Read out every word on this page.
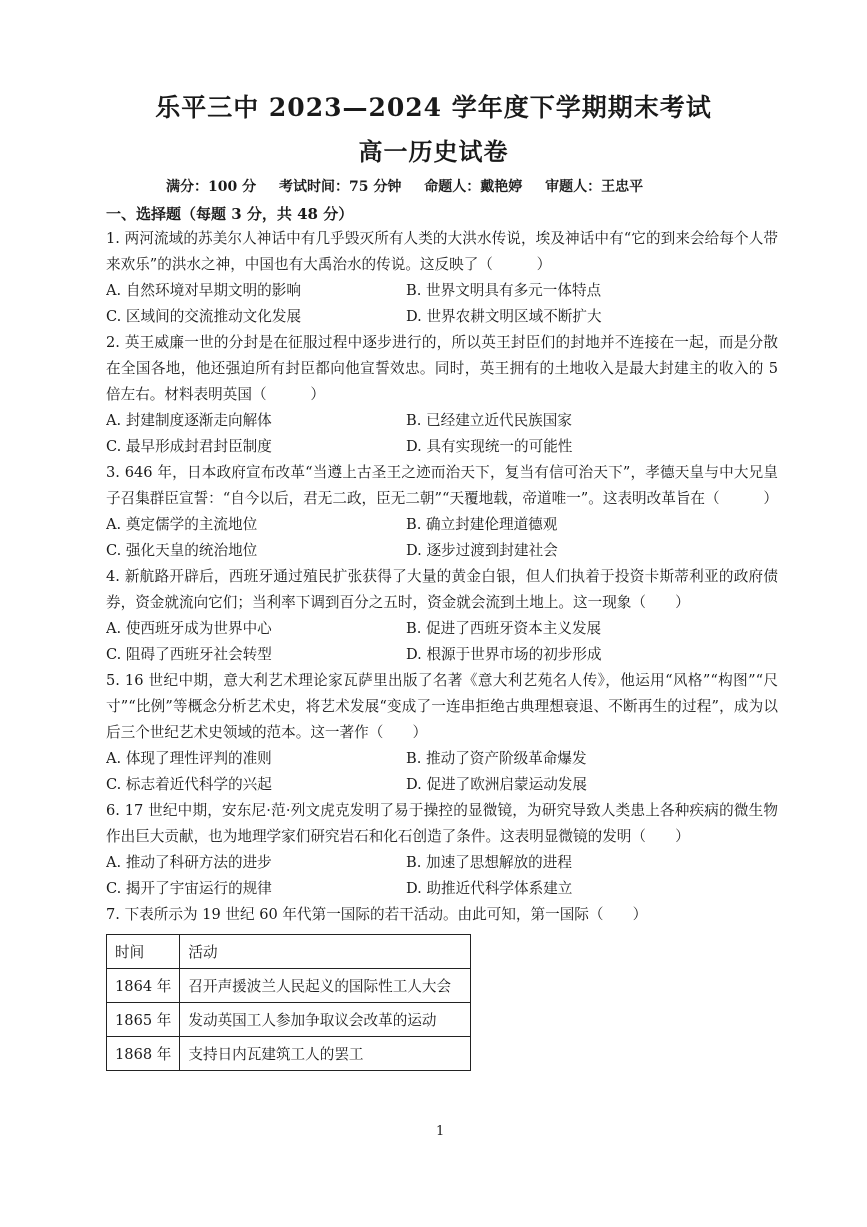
乐平三中 2023—2024 学年度下学期期末考试
高一历史试卷
满分：100 分 考试时间：75 分钟 命题人：戴艳婷 审题人：王忠平
一、选择题（每题 3 分，共 48 分）

1. 两河流域的苏美尔人神话中有几乎毁灭所有人类的大洪水传说，埃及神话中有“它的到来会给每个人带来欢乐”的洪水之神，中国也有大禹治水的传说。这反映了（　　　）

A. 自然环境对早期文明的影响	B. 世界文明具有多元一体特点
C. 区域间的交流推动文化发展	D. 世界农耕文明区域不断扩大

2. 英王威廉一世的分封是在征服过程中逐步进行的，所以英王封臣们的封地并不连接在一起，而是分散在全国各地，他还强迫所有封臣都向他宣誓效忠。同时，英王拥有的土地收入是最大封建主的收入的 5 倍左右。材料表明英国（　　　）

A. 封建制度逐渐走向解体	B. 已经建立近代民族国家
C. 最早形成封君封臣制度	D. 具有实现统一的可能性

3. 646 年，日本政府宣布改革“当遵上古圣王之迹而治天下，复当有信可治天下”，孝德天皇与中大兄皇子召集群臣宣誓：“自今以后，君无二政，臣无二朝”“天覆地载，帝道唯一”。这表明改革旨在（　　　）

A. 奠定儒学的主流地位	B. 确立封建伦理道德观
C. 强化天皇的统治地位	D. 逐步过渡到封建社会

4. 新航路开辟后，西班牙通过殖民扩张获得了大量的黄金白银，但人们执着于投资卡斯蒂利亚的政府债券，资金就流向它们；当利率下调到百分之五时，资金就会流到土地上。这一现象（　　）

A. 使西班牙成为世界中心	B. 促进了西班牙资本主义发展
C. 阻碍了西班牙社会转型	D. 根源于世界市场的初步形成

5. 16 世纪中期，意大利艺术理论家瓦萨里出版了名著《意大利艺苑名人传》，他运用“风格”“构图”“尺寸”“比例”等概念分析艺术史，将艺术发展“变成了一连串拒绝古典理想衰退、不断再生的过程”，成为以后三个世纪艺术史领域的范本。这一著作（　　）

A. 体现了理性评判的准则	B. 推动了资产阶级革命爆发
C. 标志着近代科学的兴起	D. 促进了欧洲启蒙运动发展

6. 17 世纪中期，安东尼·范·列文虎克发明了易于操控的显微镜，为研究导致人类患上各种疾病的微生物作出巨大贡献，也为地理学家们研究岩石和化石创造了条件。这表明显微镜的发明（　　）

A. 推动了科研方法的进步	B. 加速了思想解放的进程
C. 揭开了宇宙运行的规律	D. 助推近代科学体系建立

7. 下表所示为 19 世纪 60 年代第一国际的若干活动。由此可知，第一国际（　　）

时间	活动
1864 年	召开声援波兰人民起义的国际性工人大会
1865 年	发动英国工人参加争取议会改革的运动
1868 年	支持日内瓦建筑工人的罢工
1
